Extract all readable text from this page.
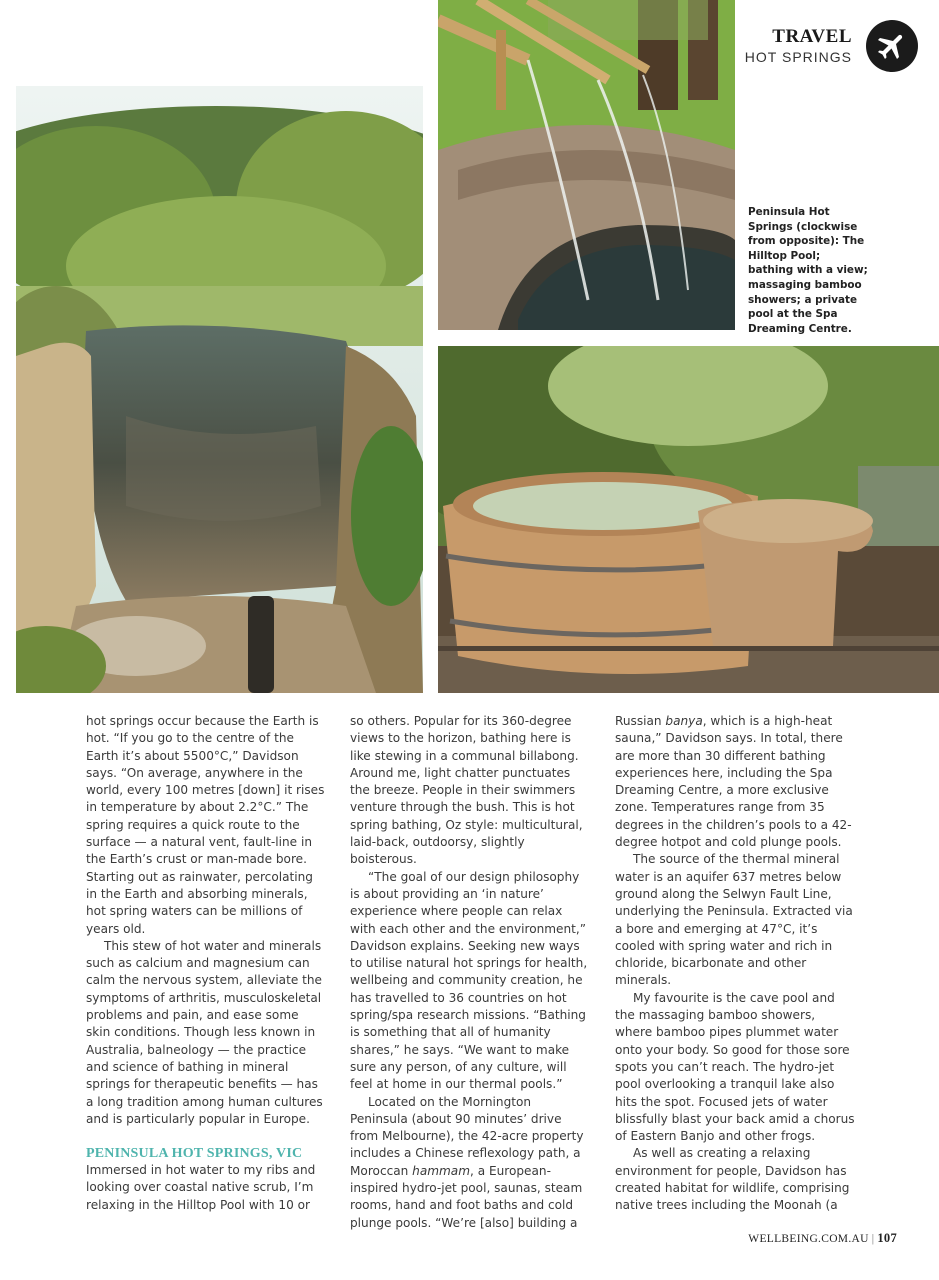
TRAVEL
HOT SPRINGS
Peninsula Hot Springs (clockwise from opposite): The Hilltop Pool; bathing with a view; massaging bamboo showers; a private pool at the Spa Dreaming Centre.

hot springs occur because the Earth is hot. “If you go to the centre of the Earth it’s about 5500°C,” Davidson says. “On average, anywhere in the world, every 100 metres [down] it rises in temperature by about 2.2°C.” The spring requires a quick route to the surface — a natural vent, fault-line in the Earth’s crust or man-made bore. Starting out as rainwater, percolating in the Earth and absorbing minerals, hot spring waters can be millions of years old.

This stew of hot water and minerals such as calcium and magnesium can calm the nervous system, alleviate the symptoms of arthritis, musculoskeletal problems and pain, and ease some skin conditions. Though less known in Australia, balneology — the practice and science of bathing in mineral springs for therapeutic benefits — has a long tradition among human cultures and is particularly popular in Europe.

PENINSULA HOT SPRINGS, VIC

Immersed in hot water to my ribs and looking over coastal native scrub, I’m relaxing in the Hilltop Pool with 10 or

so others. Popular for its 360-degree views to the horizon, bathing here is like stewing in a communal billabong. Around me, light chatter punctuates the breeze. People in their swimmers venture through the bush. This is hot spring bathing, Oz style: multicultural, laid-back, outdoorsy, slightly boisterous.

“The goal of our design philosophy is about providing an ‘in nature’ experience where people can relax with each other and the environment,” Davidson explains. Seeking new ways to utilise natural hot springs for health, wellbeing and community creation, he has travelled to 36 countries on hot spring/spa research missions. “Bathing is something that all of humanity shares,” he says. “We want to make sure any person, of any culture, will feel at home in our thermal pools.”

Located on the Mornington Peninsula (about 90 minutes’ drive from Melbourne), the 42-acre property includes a Chinese reflexology path, a Moroccan hammam, a European-inspired hydro-jet pool, saunas, steam rooms, hand and foot baths and cold plunge pools. “We’re [also] building a

Russian banya, which is a high-heat sauna,” Davidson says. In total, there are more than 30 different bathing experiences here, including the Spa Dreaming Centre, a more exclusive zone. Temperatures range from 35 degrees in the children’s pools to a 42-degree hotpot and cold plunge pools.

The source of the thermal mineral water is an aquifer 637 metres below ground along the Selwyn Fault Line, underlying the Peninsula. Extracted via a bore and emerging at 47°C, it’s cooled with spring water and rich in chloride, bicarbonate and other minerals.

My favourite is the cave pool and the massaging bamboo showers, where bamboo pipes plummet water onto your body. So good for those sore spots you can’t reach. The hydro-jet pool overlooking a tranquil lake also hits the spot. Focused jets of water blissfully blast your back amid a chorus of Eastern Banjo and other frogs.

As well as creating a relaxing environment for people, Davidson has created habitat for wildlife, comprising native trees including the Moonah (a

WELLBEING.COM.AU | 107
